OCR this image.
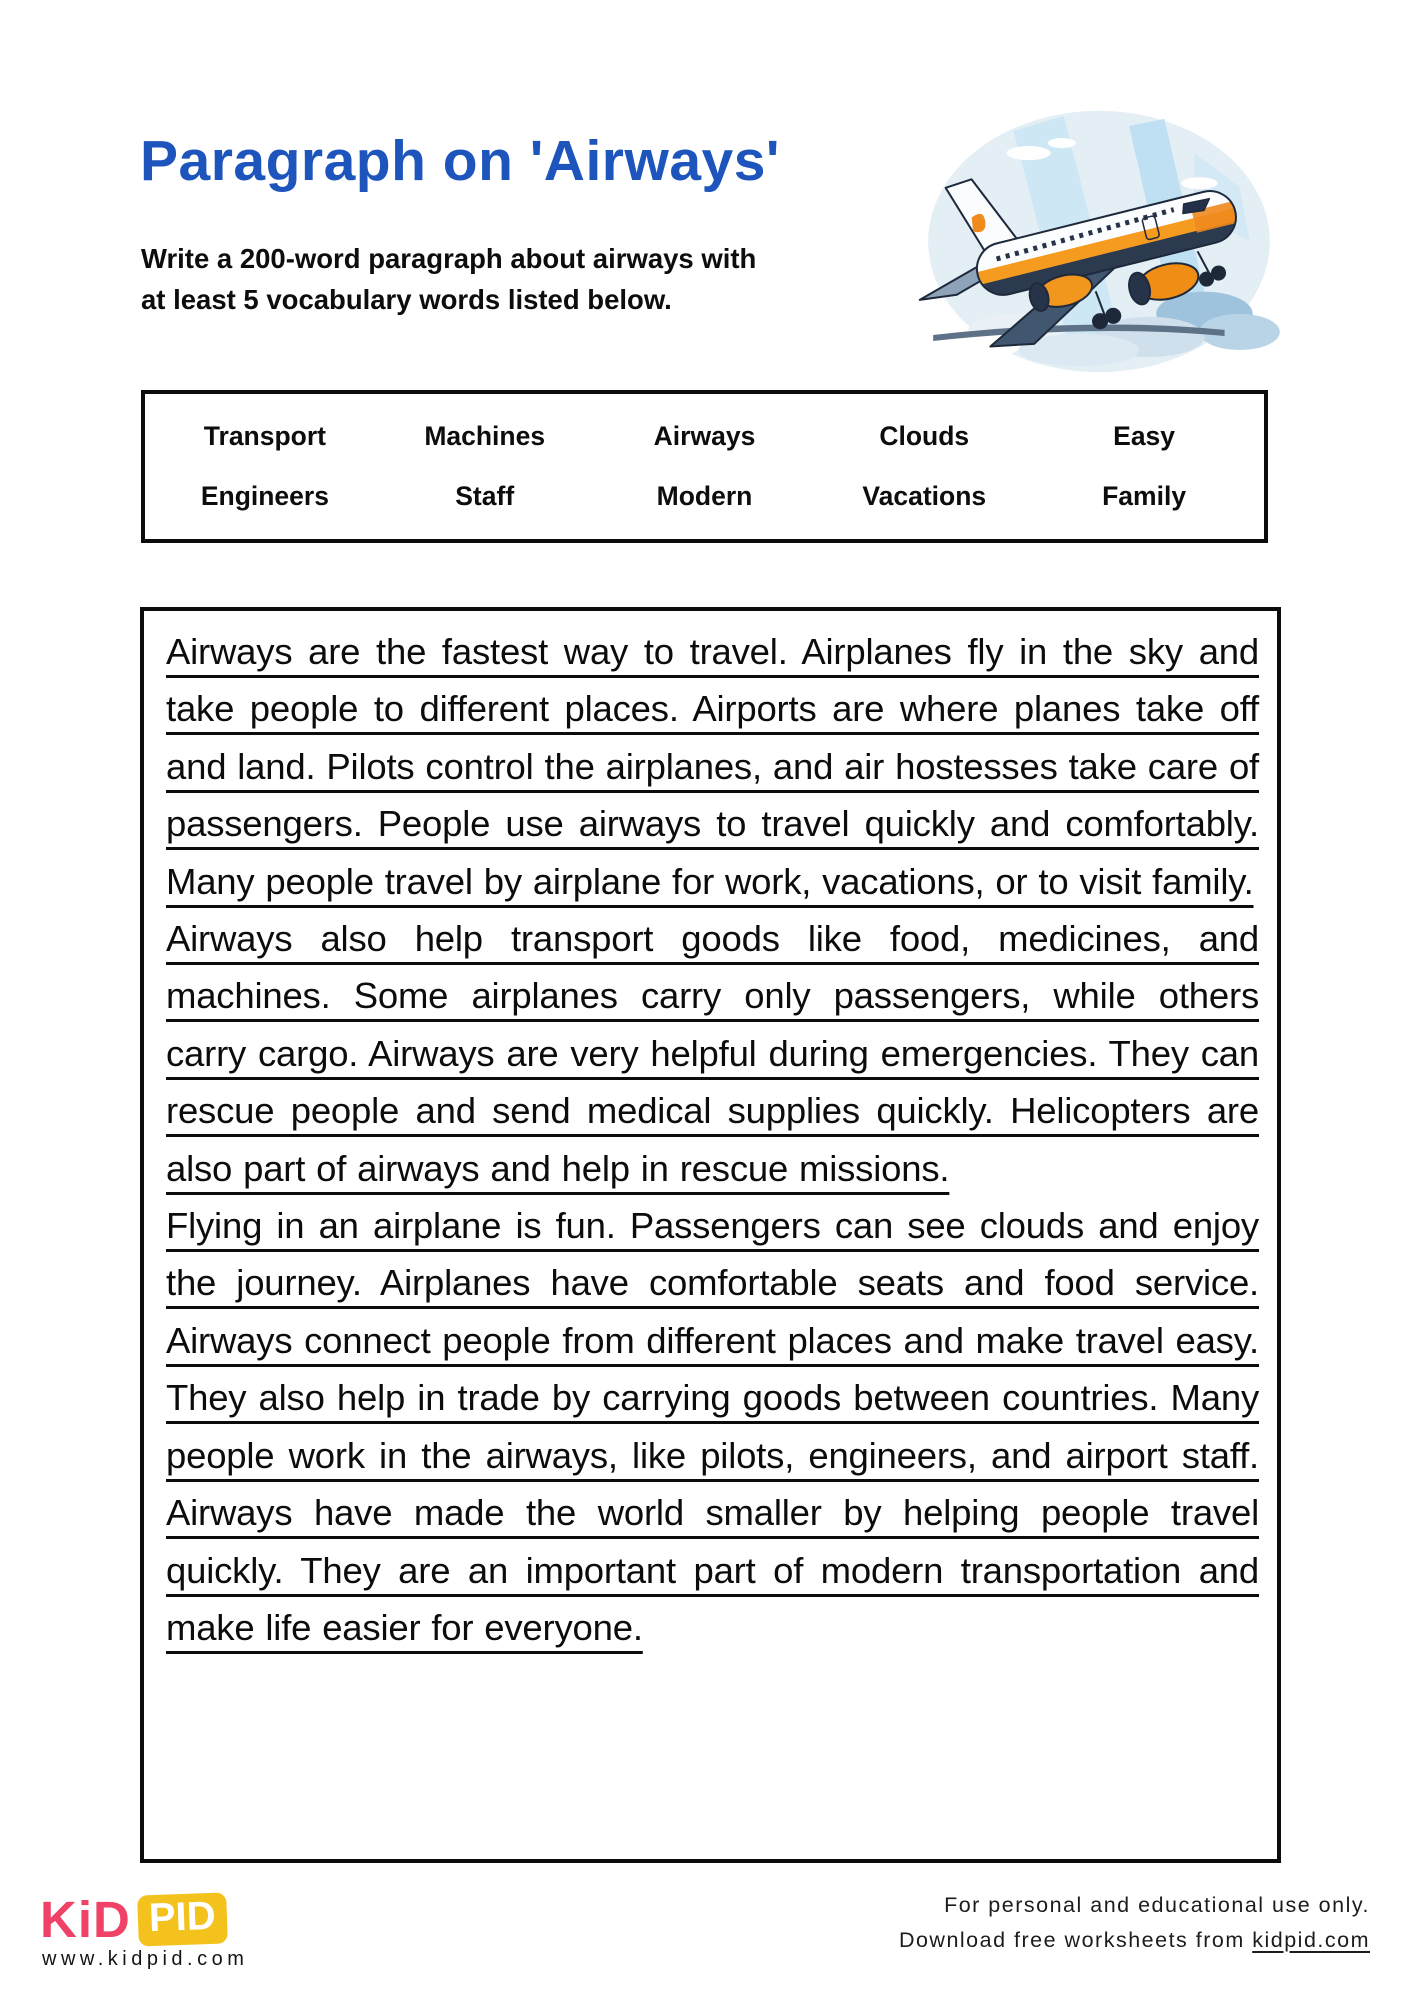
Paragraph on 'Airways'
Write a 200-word paragraph about airways with
at least 5 vocabulary words listed below.
Transport	Machines	Airways	Clouds	Easy
Engineers	Staff	Modern	Vacations	Family

Airways are the fastest way to travel. Airplanes fly in the sky and take people to different places. Airports are where planes take off and land. Pilots control the airplanes, and air hostesses take care of passengers. People use airways to travel quickly and comfortably. Many people travel by airplane for work, vacations, or to visit family.

Airways also help transport goods like food, medicines, and machines. Some airplanes carry only passengers, while others carry cargo. Airways are very helpful during emergencies. They can rescue people and send medical supplies quickly. Helicopters are also part of airways and help in rescue missions.

Flying in an airplane is fun. Passengers can see clouds and enjoy the journey. Airplanes have comfortable seats and food service. Airways connect people from different places and make travel easy. They also help in trade by carrying goods between countries. Many people work in the airways, like pilots, engineers, and airport staff. Airways have made the world smaller by helping people travel quickly. They are an important part of modern transportation and make life easier for everyone.

KiD PID
www.kidpid.com
For personal and educational use only.
Download free worksheets from kidpid.com
